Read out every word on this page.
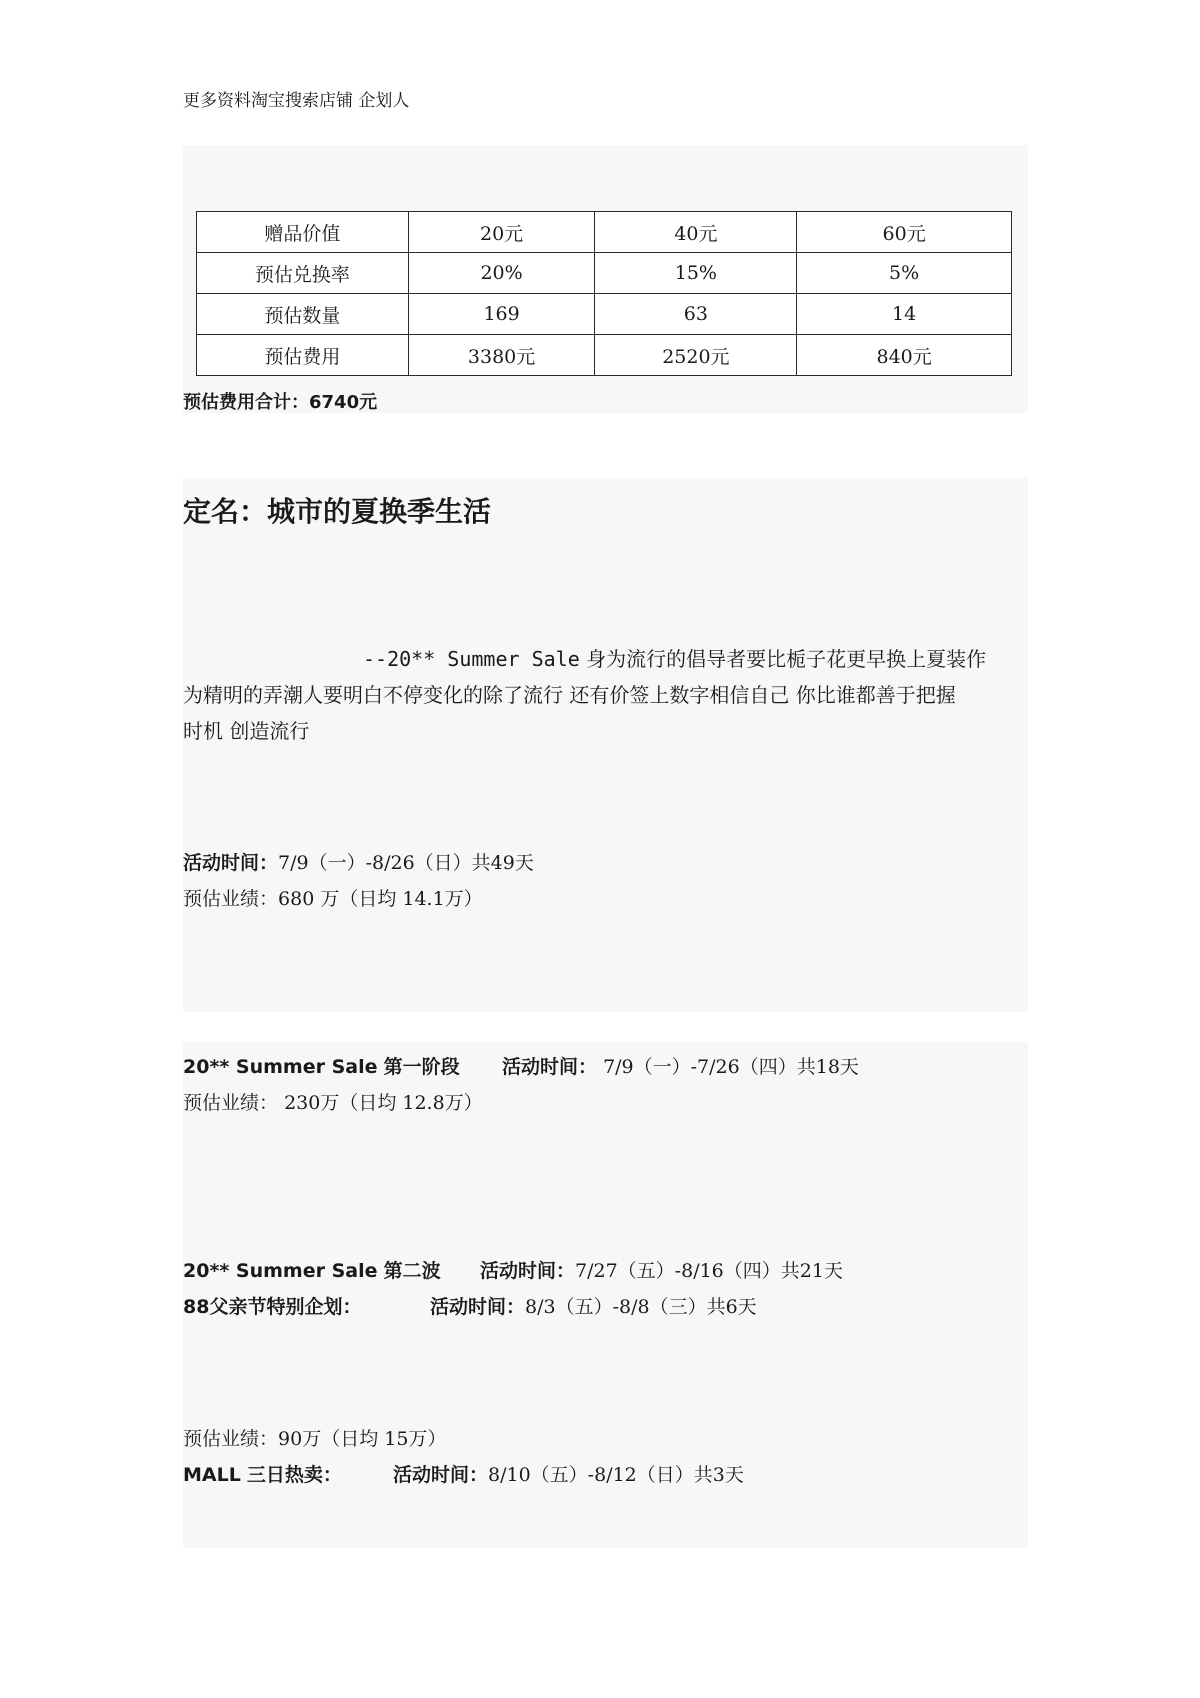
更多资料淘宝搜索店铺 企划人
赠品价值	20元	40元	60元
预估兑换率	20%	15%	5%
预估数量	169	63	14
预估费用	3380元	2520元	840元
预估费用合计：6740元
定名：城市的夏换季生活
--20** Summer Sale 身为流行的倡导者要比栀子花更早换上夏装作
为精明的弄潮人要明白不停变化的除了流行 还有价签上数字相信自己 你比谁都善于把握
时机 创造流行
活动时间：7/9（一）-8/26（日）共49天
预估业绩：680 万（日均 14.1万）
20** Summer Sale 第一阶段 活动时间： 7/9（一）-7/26（四）共18天
预估业绩： 230万（日均 12.8万）
20** Summer Sale 第二波 活动时间：7/27（五）-8/16（四）共21天
88父亲节特别企划：	活动时间：8/3（五）-8/8（三）共6天
预估业绩：90万（日均 15万）
MALL 三日热卖：	活动时间：8/10（五）-8/12（日）共3天
